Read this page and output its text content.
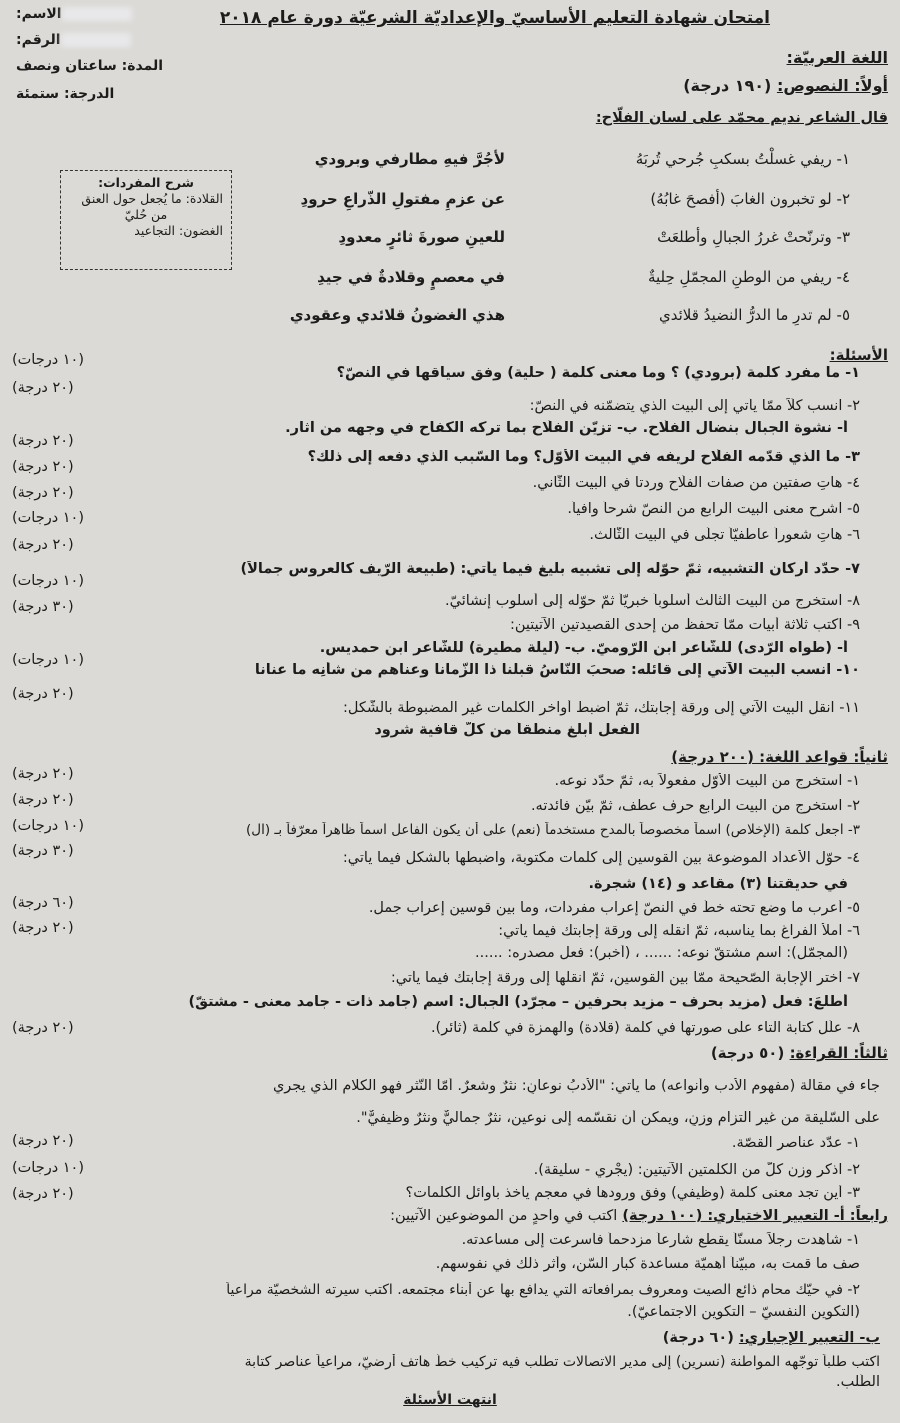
امتحان شهادة التعليم الأساسيّ والإعداديّة الشرعيّة دورة عام ٢٠١٨
الاسم:
الرقم:
المدة: ساعتان ونصف
الدرجة: ستمئة
اللغة العربيّة:
أولاً: النصوص: (١٩٠ درجة)
قال الشاعر نديم محمّد على لسان الفلّاح:
١- ريفي غسلْتُ بسكبِ جُرحي تُربَهُ
لأجُرَّ فيهِ مطارفي وبرودي
٢- لو تخبرون الغابَ (أفصحَ غابُهُ)
عن عزمِ مفتولِ الذّراعِ حرودِ
٣- وترنّحتْ غررُ الجبالِ وأطلعَتْ
للعينِ صورةَ ثائرٍ معدودِ
٤- ريفي من الوطنِ المجمّلِ حِليةٌ
في معصمٍ وقلادةٌ في جيدِ
٥- لم تدرِ ما الدرُّ النضيدُ قلائدي
هذي الغضونُ قلائدي وعقودي
شرح المفردات:
القلادة: ما يُجعل حول العنق
من حُليّ
الغضون: التجاعيد
الأسئلة:
١- ما مفرد كلمة (برودي) ؟ وما معنى كلمة ( حلية) وفق سياقها في النصّ؟
(١٠ درجات)
٢- انسب كلّاً ممّا يأتي إلى البيت الذي يتضمّنه في النصّ:
(٢٠ درجة)
أ- نشوة الجبال بنضال الفلّاح. ب- تزيّن الفلّاح بما تركه الكفاح في وجهه من آثار.
٣- ما الذي قدّمه الفلّاح لريفه في البيت الأوّل؟ وما السّبب الذي دفعه إلى ذلك؟
(٢٠ درجة)
٤- هاتِ صفتين من صفات الفلّاح وردتا في البيت الثّاني.
(٢٠ درجة)
٥- اشرح معنى البيت الرابع من النصّ شرحاً وافياً.
(٢٠ درجة)
٦- هاتِ شعوراً عاطفيّاً تجلّى في البيت الثّالث.
(١٠ درجات)
٧- حدّد أركان التشبيه، ثمّ حوّله إلى تشبيه بليغ فيما يأتي: (طبيعة الرّيف كالعروس جمالاً)
(٢٠ درجة)
٨- استخرج من البيت الثالث أسلوباً خبريّاً ثمّ حوّله إلى أسلوب إنشائيّ.
(١٠ درجات)
٩- اكتب ثلاثة أبيات ممّا تحفظ من إحدى القصيدتين الآتيتين:
(٣٠ درجة)
أ- (طواه الرّدى) للشّاعر ابن الرّوميّ. ب- (ليلة مطيرة) للشّاعر ابن حمديس.
١٠- انسب البيت الآتي إلى قائله: صحبَ النّاسُ قبلنا ذا الزّمانا وعناهم من شأنِه ما عنانا
(١٠ درجات)
١١- انقل البيت الآتي إلى ورقة إجابتك، ثمّ اضبط أواخر الكلمات غير المضبوطة بالشّكل:
(٢٠ درجة)
الفعل أبلغ منطقاً من كلّ قافية شرود
ثانياً: قواعد اللغة: (٢٠٠ درجة)
١- استخرج من البيت الأوّل مفعولاً به، ثمّ حدّد نوعه.
(٢٠ درجة)
٢- استخرج من البيت الرابع حرف عطف، ثمّ بيّن فائدته.
(٢٠ درجة)
٣- اجعل كلمة (الإخلاص) اسماً مخصوصاً بالمدح مستخدماً (نعم) على أن يكون الفاعل اسماً ظاهراً معرّفاً بـ (ال)
(١٠ درجات)
٤- حوّل الأعداد الموضوعة بين القوسين إلى كلمات مكتوبة، واضبطها بالشكل فيما يأتي:
(٣٠ درجة)
في حديقتنا (٣) مقاعد و (١٤) شجرة.
٥- أعرب ما وضع تحته خطّ في النصّ إعراب مفردات، وما بين قوسين إعراب جمل.
(٦٠ درجة)
٦- املأ الفراغ بما يناسبه، ثمّ انقله إلى ورقة إجابتك فيما يأتي:
(٢٠ درجة)
(المجمّل): اسم مشتقّ نوعه: ...... ، (أخبر): فعل مصدره: ......
٧- اختر الإجابة الصّحيحة ممّا بين القوسين، ثمّ انقلها إلى ورقة إجابتك فيما يأتي:
(٢٠ درجة)
أطلعَ: فعل (مزيد بحرف – مزيد بحرفين – مجرّد) الجبال: اسم (جامد ذات - جامد معنى - مشتقّ)
٨- علّل كتابة التاء على صورتها في كلمة (قلادة) والهمزة في كلمة (ثائر).
ثالثاً: القراءة: (٥٠ درجة)
جاء في مقالة (مفهوم الأدب وأنواعه) ما يأتي: "الأدبُ نوعانِ: نثرٌ وشعرٌ. أمّا النّثر فهو الكلام الذي يجري
على السّليقة من غير التزام وزنٍ، ويمكن أن نقسّمه إلى نوعين، نثرٌ جماليٌّ ونثرٌ وظيفيٌّ".
١- عدّد عناصر القصّة.
(٢٠ درجة)
٢- اذكر وزن كلّ من الكلمتين الآتيتين: (يجْري - سليقة).
(١٠ درجات)
٣- أين تجد معنى كلمة (وظيفي) وفق ورودها في معجم يأخذ بأوائل الكلمات؟
(٢٠ درجة)
رابعاً: أ- التعبير الاختياري: (١٠٠ درجة) اكتب في واحدٍ من الموضوعين الآتيين:
١- شاهدت رجلاً مسنّاً يقطع شارعاً مزدحماً فأسرعت إلى مساعدته.
صف ما قمت به، مبيّناً أهميّة مساعدة كبار السّن، وأثر ذلك في نفوسهم.
٢- في حيّك محامٍ ذائع الصيت ومعروف بمرافعاته التي يدافع بها عن أبناء مجتمعه. اكتب سيرته الشخصيّة مراعياً
(التكوين النفسيّ – التكوين الاجتماعيّ).
ب- التعبير الإجباري: (٦٠ درجة)
اكتب طلباً توجّهه المواطنة (نسرين) إلى مدير الاتصالات تطلب فيه تركيب خطّ هاتف أرضيّ، مراعياً عناصر كتابة
الطّلب.
انتهت الأسئلة
